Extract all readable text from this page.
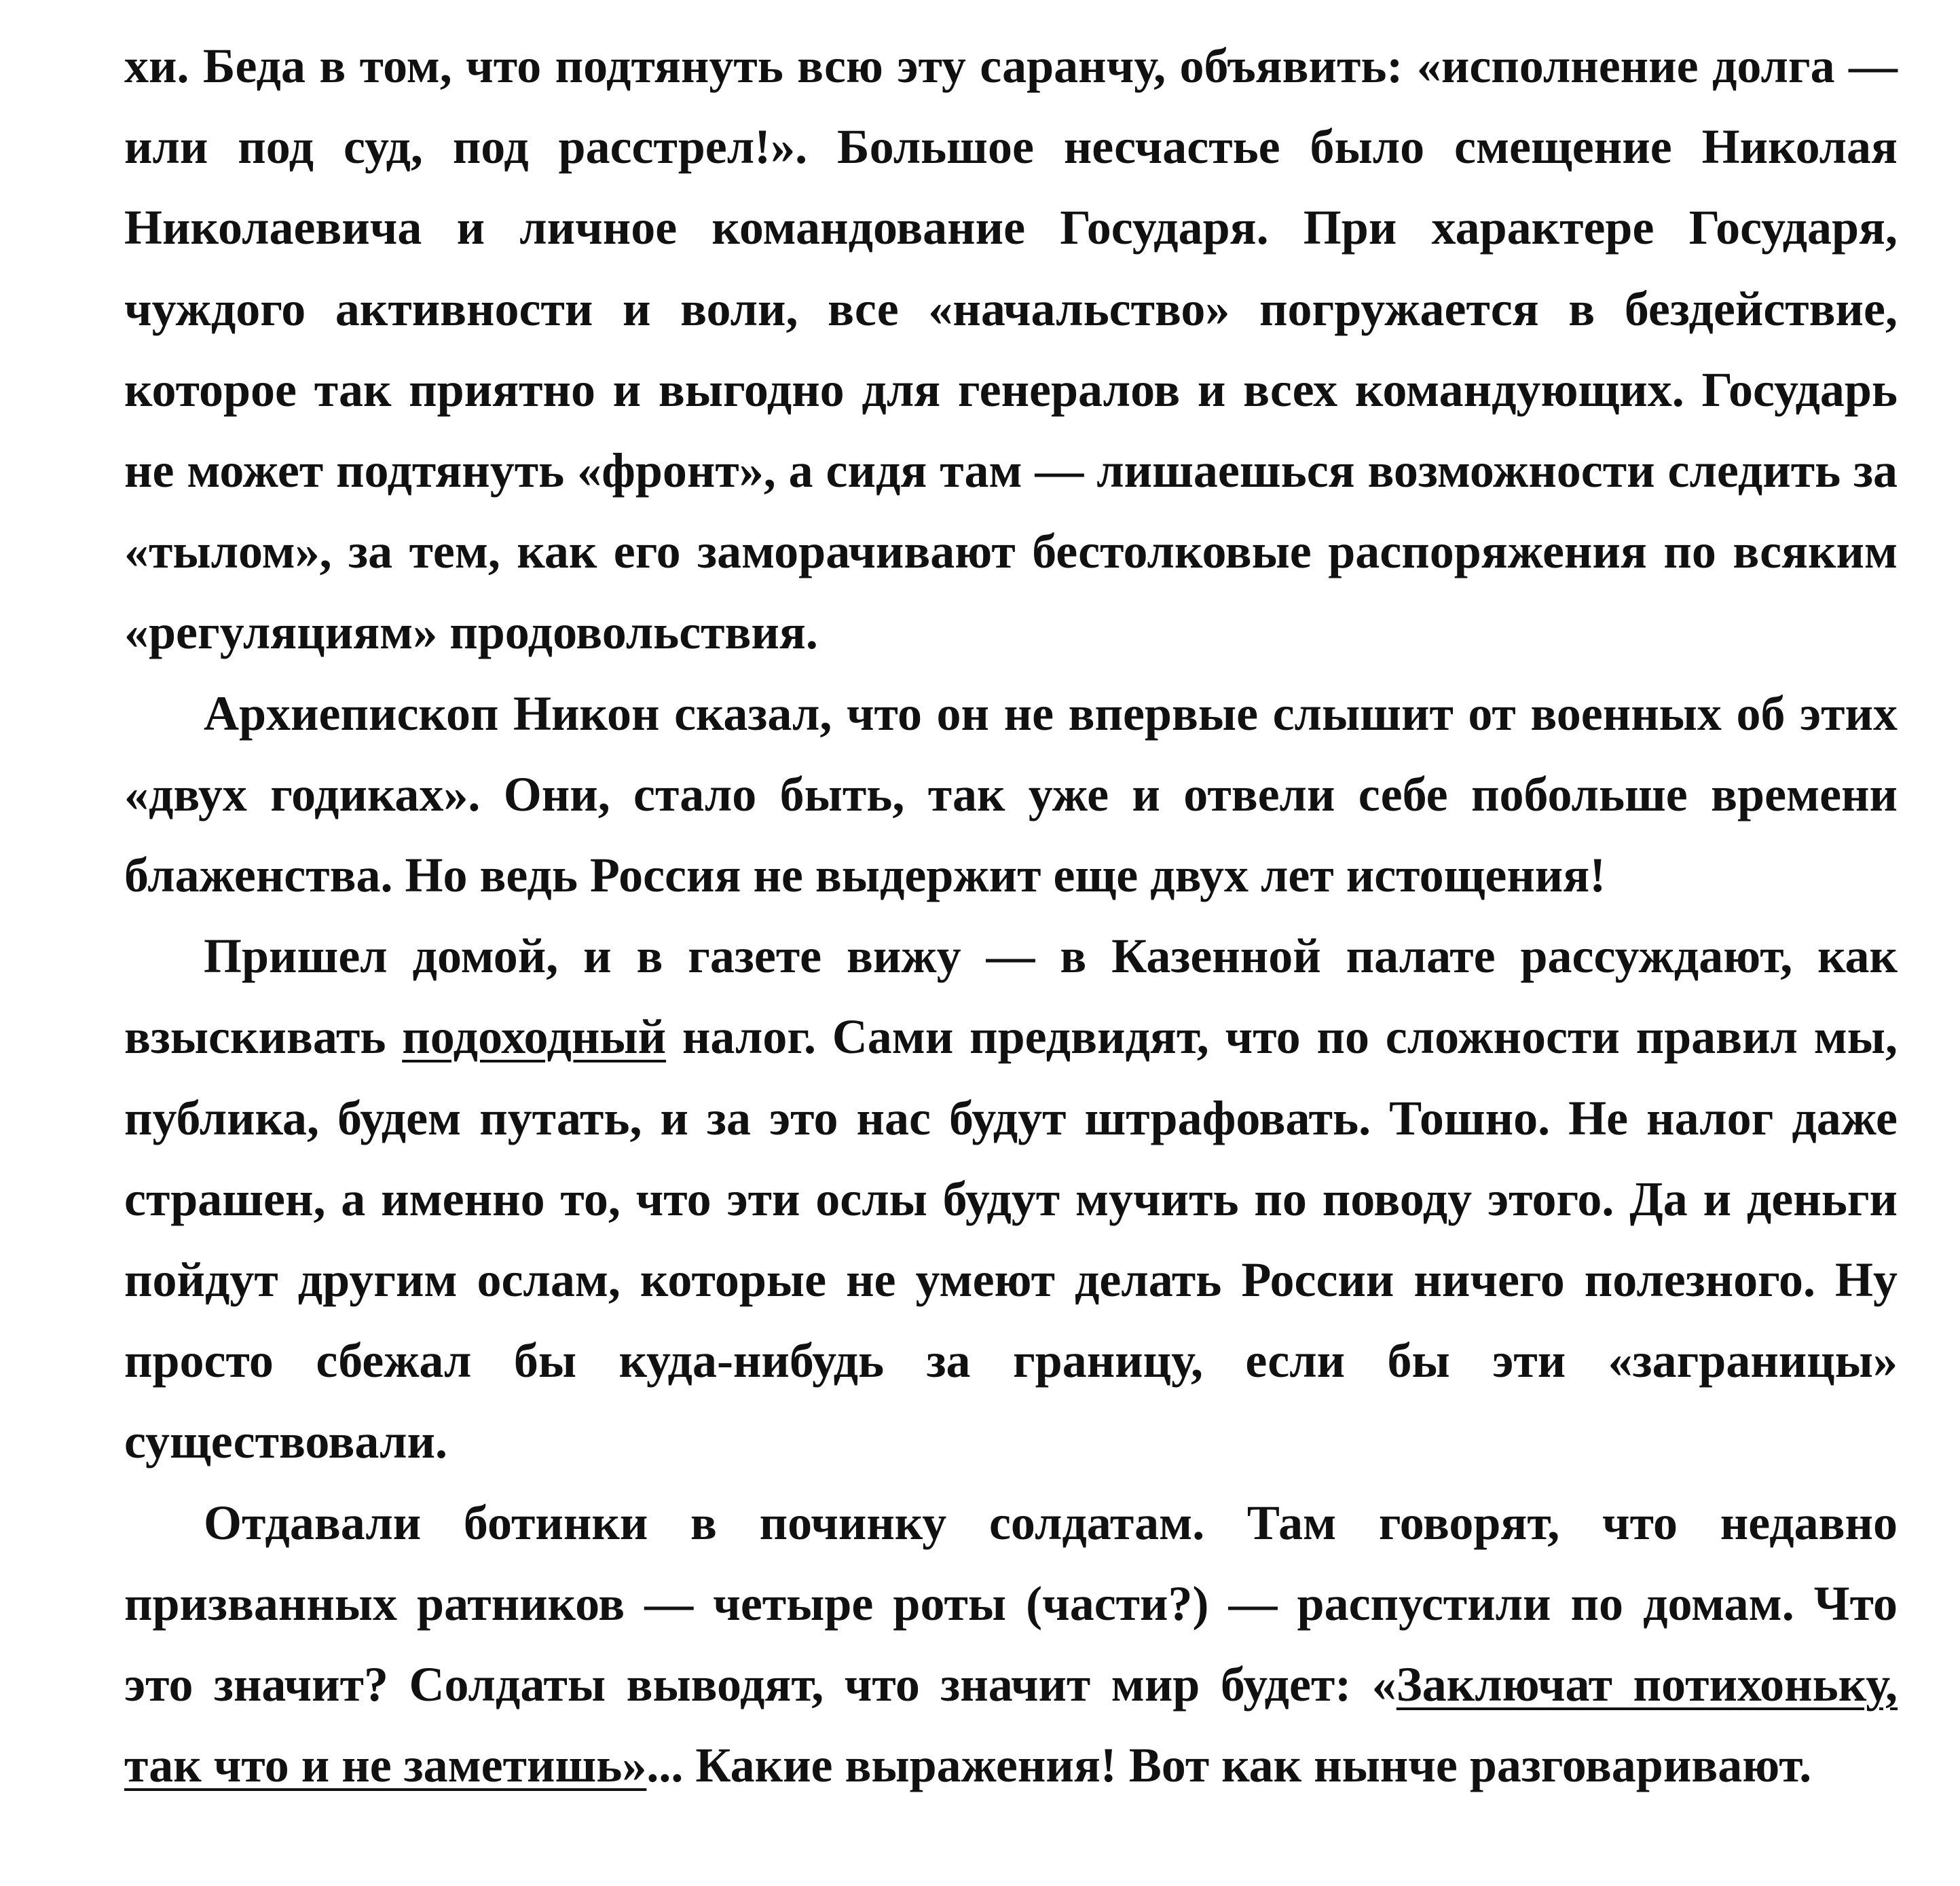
хи. Беда в том, что подтянуть всю эту саранчу, объявить: «исполнение долга — или под суд, под расстрел!». Большое несчастье было смещение Николая Николаевича и личное командование Государя. При характере Государя, чуждого активности и воли, все «начальство» погружается в бездействие, которое так приятно и выгодно для генералов и всех командующих. Государь не может подтянуть «фронт», а сидя там — лишаешься возможности следить за «тылом», за тем, как его заморачивают бестолковые распоряжения по всяким «регуляциям» продовольствия.

Архиепископ Никон сказал, что он не впервые слышит от военных об этих «двух годиках». Они, стало быть, так уже и отвели себе побольше времени блаженства. Но ведь Россия не выдержит еще двух лет истощения!

Пришел домой, и в газете вижу — в Казенной палате рассуждают, как взыскивать подоходный налог. Сами предвидят, что по сложности правил мы, публика, будем путать, и за это нас будут штрафовать. Тошно. Не налог даже страшен, а именно то, что эти ослы будут мучить по поводу этого. Да и деньги пойдут другим ослам, которые не умеют делать России ничего полезного. Ну просто сбежал бы куда-нибудь за границу, если бы эти «заграницы» существовали.

Отдавали ботинки в починку солдатам. Там говорят, что недавно призванных ратников — четыре роты (части?) — распустили по домам. Что это значит? Солдаты выводят, что значит мир будет: «Заключат потихоньку, так что и не заметишь»... Какие выражения! Вот как нынче разговаривают.
